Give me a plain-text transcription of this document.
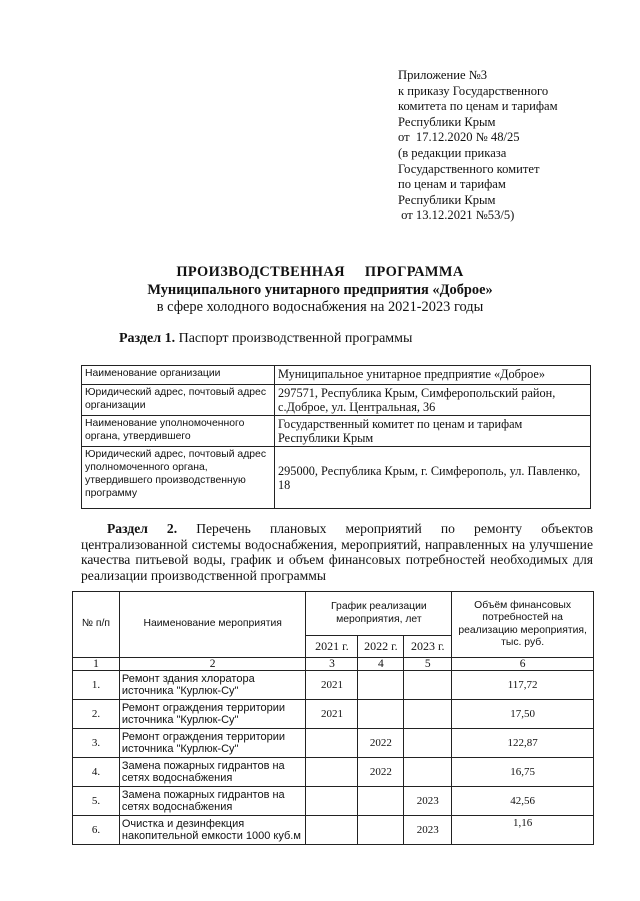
Приложение №3
к приказу Государственного
комитета по ценам и тарифам
Республики Крым
от  17.12.2020 № 48/25
(в редакции приказа
Государственного комитет
по ценам и тарифам
Республики Крым
от 13.12.2021 №53/5)
ПРОИЗВОДСТВЕННАЯ  ПРОГРАММА
Муниципального унитарного предприятия «Доброе»
в сфере холодного водоснабжения на 2021-2023 годы
Раздел 1. Паспорт производственной программы
Наименование организации	Муниципальное унитарное предприятие «Доброе»
Юридический адрес, почтовый адрес организации	297571, Республика Крым, Симферопольский район, с.Доброе, ул. Центральная, 36
Наименование уполномоченного органа, утвердившего	Государственный комитет по ценам и тарифам Республики Крым
Юридический адрес, почтовый адрес уполномоченного органа, утвердившего производственную программу	295000, Республика Крым, г. Симферополь, ул. Павленко, 18

Раздел 2. Перечень плановых мероприятий по ремонту объектов централизованной системы водоснабжения, мероприятий, направленных на улучшение качества питьевой воды, график и объем финансовых потребностей необходимых для реализации производственной программы

№ п/п	Наименование мероприятия	График реализации мероприятия, лет			Объём финансовых потребностей на реализацию мероприятия, тыс. руб.
		2021 г.	2022 г.	2023 г.	
1	2	3	4	5	6
1.	Ремонт здания хлоратора источника "Курлюк-Су"	2021			117,72
2.	Ремонт ограждения территории источника "Курлюк-Су"	2021			17,50
3.	Ремонт ограждения территории источника "Курлюк-Су"		2022		122,87
4.	Замена пожарных гидрантов на сетях водоснабжения		2022		16,75
5.	Замена пожарных гидрантов на сетях водоснабжения			2023	42,56
6.	Очистка и дезинфекция накопительной емкости 1000 куб.м			2023	1,16
